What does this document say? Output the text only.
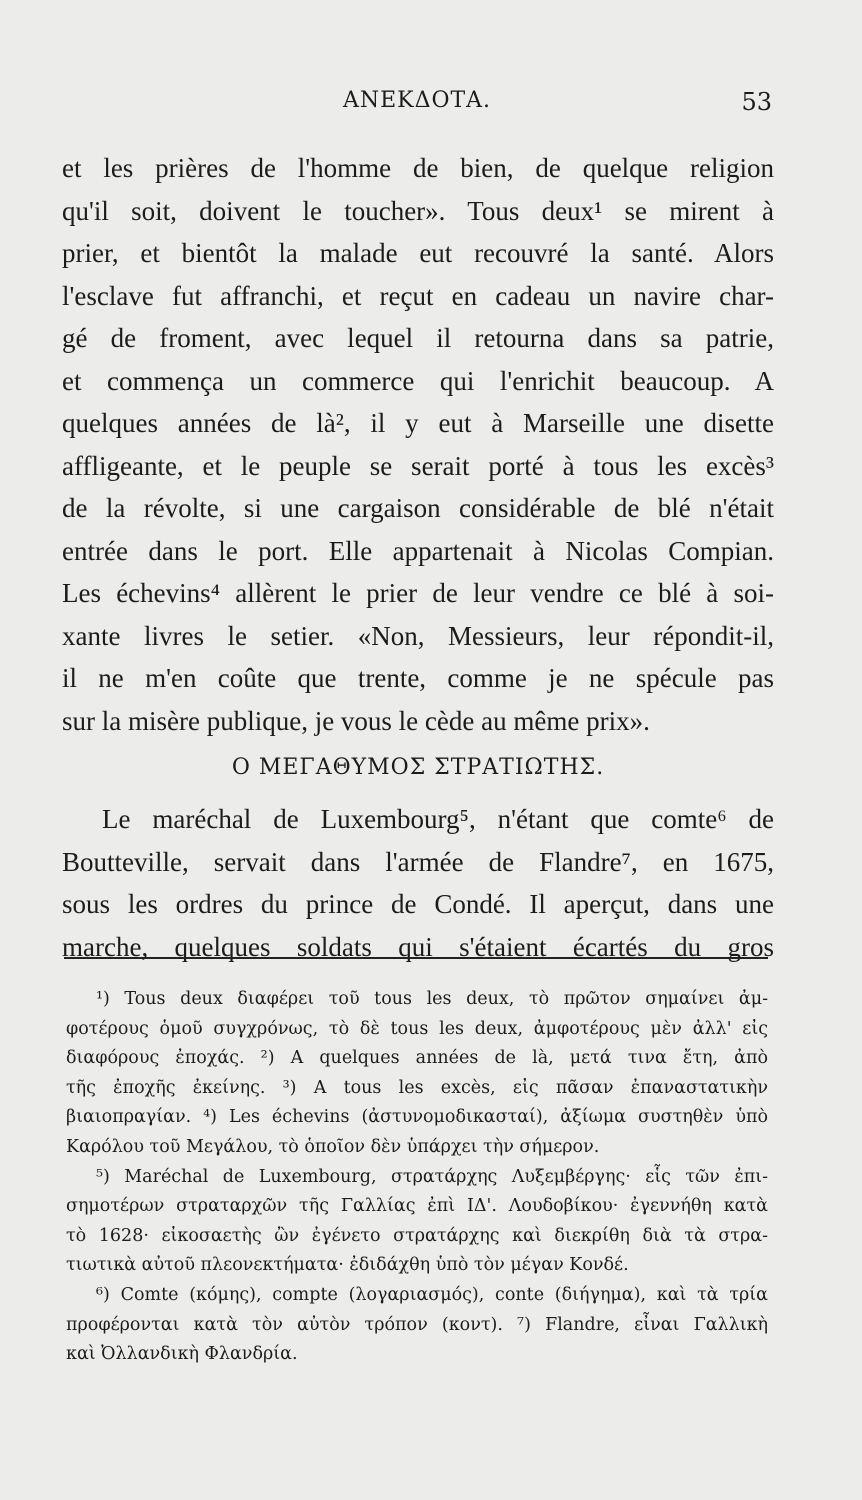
ΑΝΕΚΔΟΤΑ.	53
et les prières de l'homme de bien, de quelque religion
qu'il soit, doivent le toucher». Tous deux¹ se mirent à
prier, et bientôt la malade eut recouvré la santé. Alors
l'esclave fut affranchi, et reçut en cadeau un navire char-
gé de froment, avec lequel il retourna dans sa patrie,
et commença un commerce qui l'enrichit beaucoup. A
quelques années de là², il y eut à Marseille une disette
affligeante, et le peuple se serait porté à tous les excès³
de la révolte, si une cargaison considérable de blé n'était
entrée dans le port. Elle appartenait à Nicolas Compian.
Les échevins⁴ allèrent le prier de leur vendre ce blé à soi-
xante livres le setier. «Non, Messieurs, leur répondit-il,
il ne m'en coûte que trente, comme je ne spécule pas
sur la misère publique, je vous le cède au même prix».
Ο ΜΕΓΑΘΥΜΟΣ ΣΤΡΑΤΙΩΤΗΣ.
Le maréchal de Luxembourg⁵, n'étant que comte⁶ de
Boutteville, servait dans l'armée de Flandre⁷, en 1675,
sous les ordres du prince de Condé. Il aperçut, dans une
marche, quelques soldats qui s'étaient écartés du gros
¹) Tous deux διαφέρει τοῦ tous les deux, τὸ πρῶτον σημαίνει ἀμ-
φοτέρους ὁμοῦ συγχρόνως, τὸ δὲ tous les deux, ἀμφοτέρους μὲν ἀλλ' εἰς
διαφόρους ἐποχάς. ²) A quelques années de là, μετά τινα ἔτη, ἀπὸ
τῆς ἐποχῆς ἐκείνης. ³) A tous les excès, εἰς πᾶσαν ἐπαναστατικὴν
βιαιοπραγίαν. ⁴) Les échevins (ἀστυνομοδικασταί), ἀξίωμα συστηθὲν ὑπὸ
Καρόλου τοῦ Μεγάλου, τὸ ὁποῖον δὲν ὑπάρχει τὴν σήμερον.
⁵) Maréchal de Luxembourg, στρατάρχης Λυξεμβέργης· εἷς τῶν ἐπι-
σημοτέρων στραταρχῶν τῆς Γαλλίας ἐπὶ ΙΔ'. Λουδοβίκου· ἐγεννήθη κατὰ
τὸ 1628· εἰκοσαετὴς ὢν ἐγένετο στρατάρχης καὶ διεκρίθη διὰ τὰ στρα-
τιωτικὰ αὐτοῦ πλεονεκτήματα· ἐδιδάχθη ὑπὸ τὸν μέγαν Κονδέ.
⁶) Comte (κόμης), compte (λογαριασμός), conte (διήγημα), καὶ τὰ τρία
προφέρονται κατὰ τὸν αὐτὸν τρόπον (κοντ). ⁷) Flandre, εἶναι Γαλλικὴ
καὶ Ὀλλανδικὴ Φλανδρία.
